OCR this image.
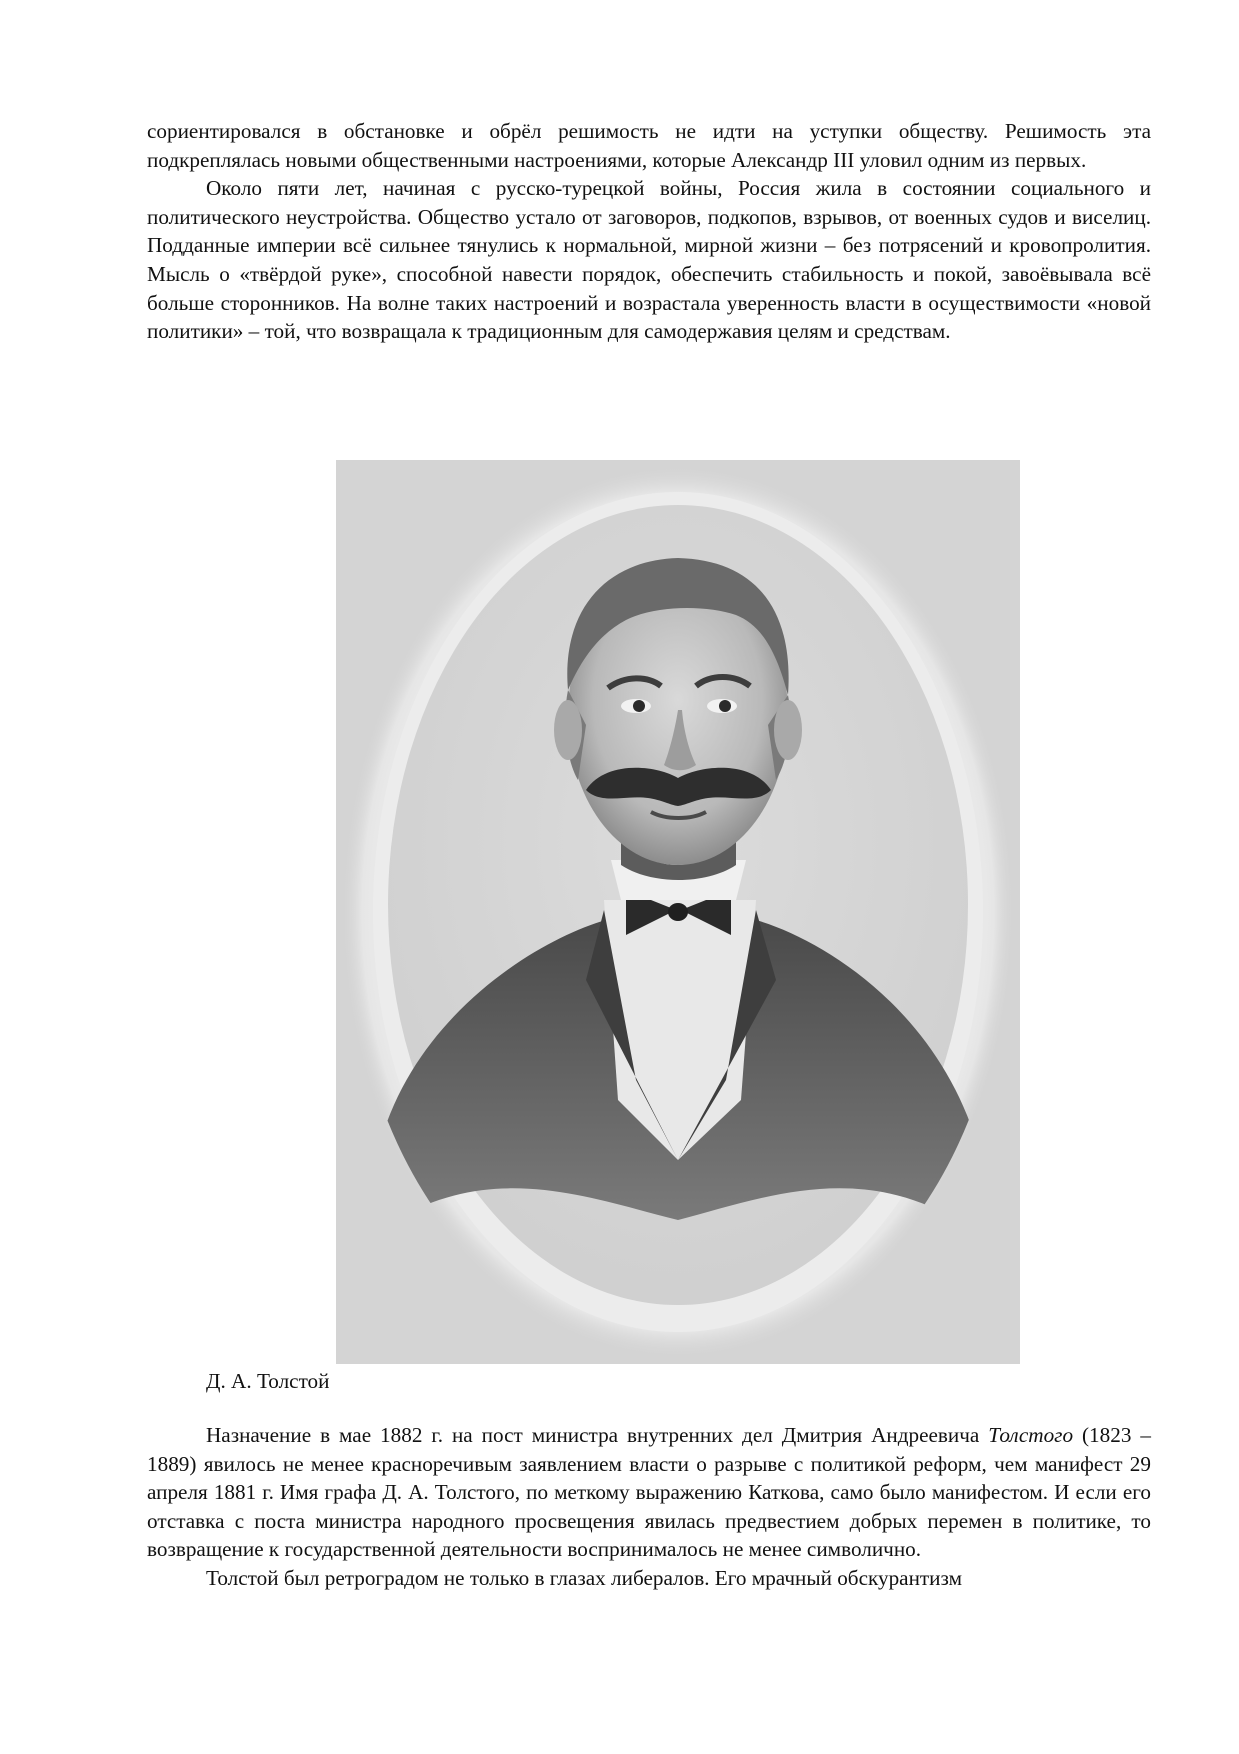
сориентировался в обстановке и обрёл решимость не идти на уступки обществу. Решимость эта подкреплялась новыми общественными настроениями, которые Александр III уловил одним из первых.

Около пяти лет, начиная с русско-турецкой войны, Россия жила в состоянии социального и политического неустройства. Общество устало от заговоров, подкопов, взрывов, от военных судов и виселиц. Подданные империи всё сильнее тянулись к нормальной, мирной жизни – без потрясений и кровопролития. Мысль о «твёрдой руке», способной навести порядок, обеспечить стабильность и покой, завоёвывала всё больше сторонников. На волне таких настроений и возрастала уверенность власти в осуществимости «новой политики» – той, что возвращала к традиционным для самодержавия целям и средствам.

Д. А. Толстой

Назначение в мае 1882 г. на пост министра внутренних дел Дмитрия Андреевича Толстого (1823 – 1889) явилось не менее красноречивым заявлением власти о разрыве с политикой реформ, чем манифест 29 апреля 1881 г. Имя графа Д. А. Толстого, по меткому выражению Каткова, само было манифестом. И если его отставка с поста министра народного просвещения явилась предвестием добрых перемен в политике, то возвращение к государственной деятельности воспринималось не менее символично.

Толстой был ретроградом не только в глазах либералов. Его мрачный обскурантизм
